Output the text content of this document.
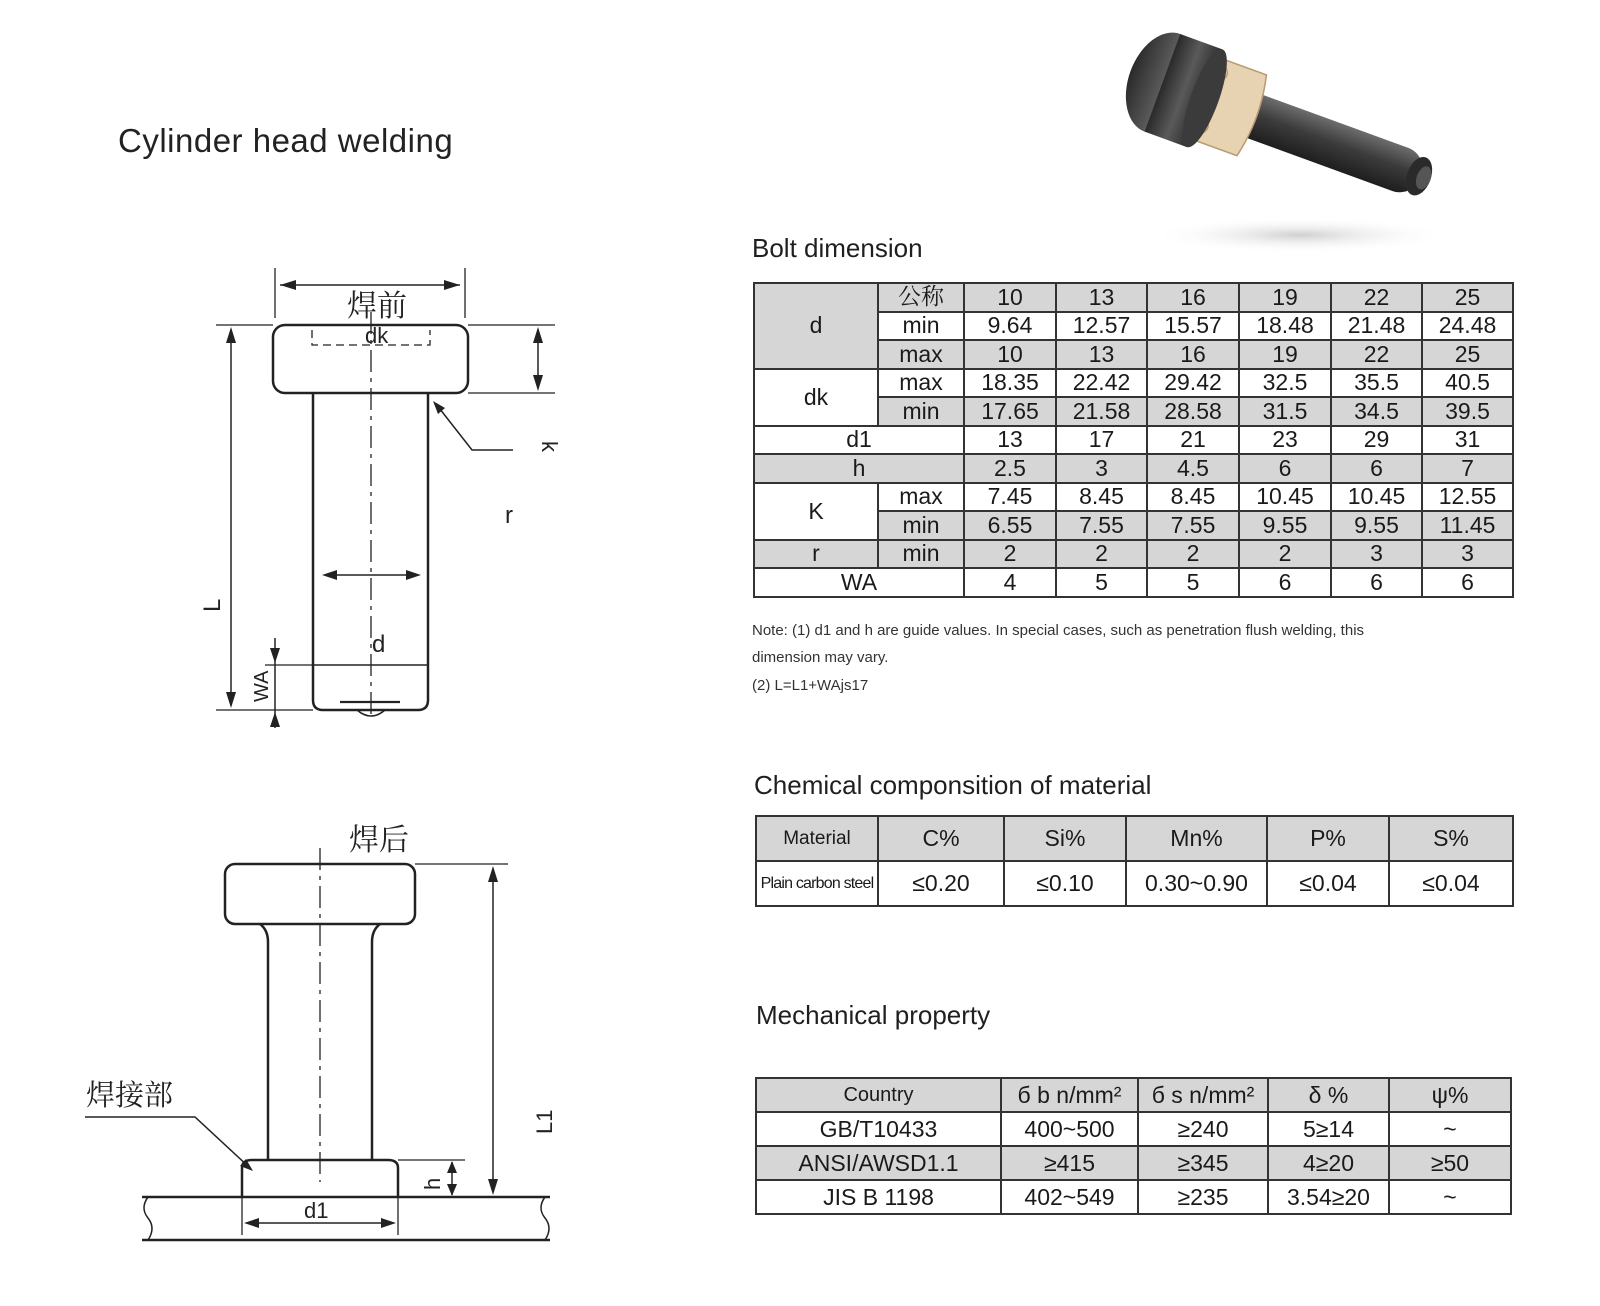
Cylinder head welding
焊前
dk
k
r
L
d
WA
焊后
焊接部
L1
h
d1
Bolt dimension
d	公称	10	13	16	19	22	25
	min	9.64	12.57	15.57	18.48	21.48	24.48
	max	10	13	16	19	22	25
dk	max	18.35	22.42	29.42	32.5	35.5	40.5
	min	17.65	21.58	28.58	31.5	34.5	39.5
d1		13	17	21	23	29	31
h		2.5	3	4.5	6	6	7
K	max	7.45	8.45	8.45	10.45	10.45	12.55
	min	6.55	7.55	7.55	9.55	9.55	11.45
r	min	2	2	2	2	3	3
WA		4	5	5	6	6	6
Note: (1) d1 and h are guide values. In special cases, such as penetration flush welding, this
dimension may vary.
(2) L=L1+WAjs17
Chemical componsition of material
Material	C%	Si%	Mn%	P%	S%
Plain carbon steel	≤0.20	≤0.10	0.30~0.90	≤0.04	≤0.04
Mechanical property
Country	б b n/mm²	б s n/mm²	δ %	ψ%
GB/T10433	400~500	≥240	5≥14	~
ANSI/AWSD1.1	≥415	≥345	4≥20	≥50
JIS B 1198	402~549	≥235	3.54≥20	~
